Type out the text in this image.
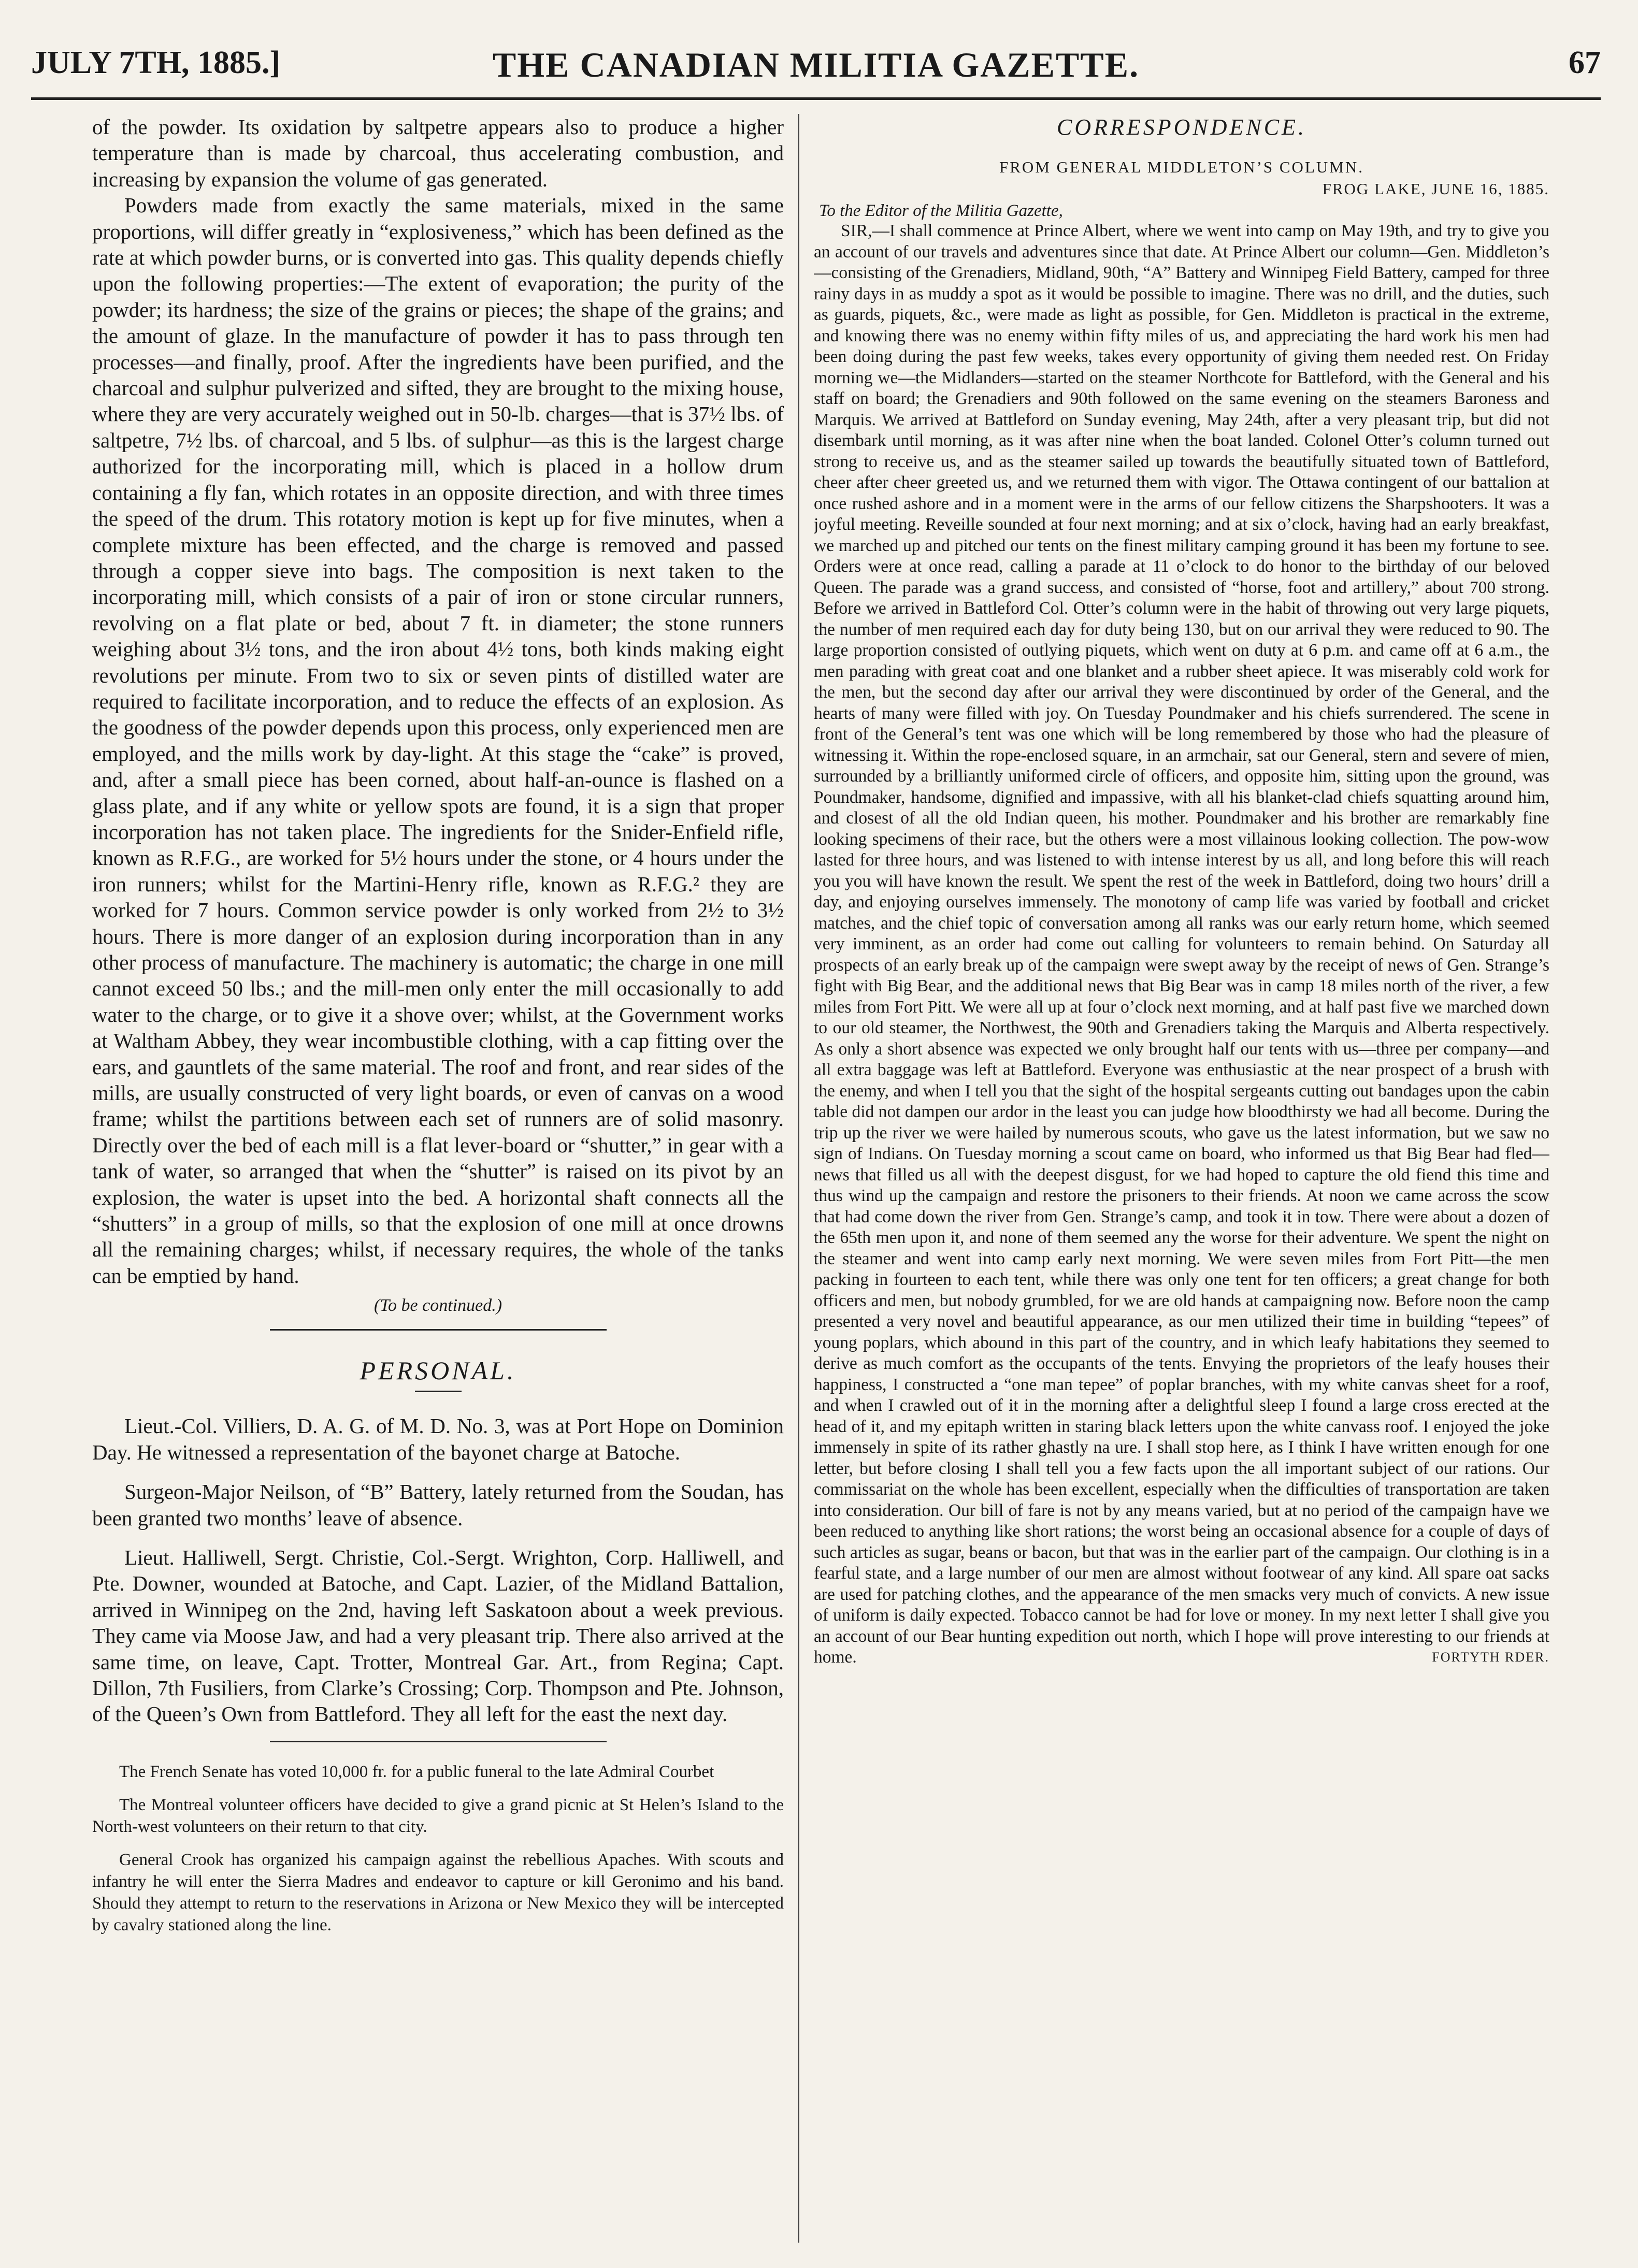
JULY 7TH, 1885.]	THE CANADIAN MILITIA GAZETTE.	67

of the powder. Its oxidation by saltpetre appears also to produce a higher temperature than is made by charcoal, thus accelerating combustion, and increasing by expansion the volume of gas generated.

Powders made from exactly the same materials, mixed in the same proportions, will differ greatly in “explosiveness,” which has been defined as the rate at which powder burns, or is converted into gas. This quality depends chiefly upon the following properties:—The extent of evaporation; the purity of the powder; its hardness; the size of the grains or pieces; the shape of the grains; and the amount of glaze. In the manufacture of powder it has to pass through ten processes—and finally, proof. After the ingredients have been purified, and the charcoal and sulphur pulverized and sifted, they are brought to the mixing house, where they are very accurately weighed out in 50-lb. charges—that is 37½ lbs. of saltpetre, 7½ lbs. of charcoal, and 5 lbs. of sulphur—as this is the largest charge authorized for the incorporating mill, which is placed in a hollow drum containing a fly fan, which rotates in an opposite direction, and with three times the speed of the drum. This rotatory motion is kept up for five minutes, when a complete mixture has been effected, and the charge is removed and passed through a copper sieve into bags. The composition is next taken to the incorporating mill, which consists of a pair of iron or stone circular runners, revolving on a flat plate or bed, about 7 ft. in diameter; the stone runners weighing about 3½ tons, and the iron about 4½ tons, both kinds making eight revolutions per minute. From two to six or seven pints of distilled water are required to facilitate incorporation, and to reduce the effects of an explosion. As the goodness of the powder depends upon this process, only experienced men are employed, and the mills work by day-light. At this stage the “cake” is proved, and, after a small piece has been corned, about half-an-ounce is flashed on a glass plate, and if any white or yellow spots are found, it is a sign that proper incorporation has not taken place. The ingredients for the Snider-Enfield rifle, known as R.F.G., are worked for 5½ hours under the stone, or 4 hours under the iron runners; whilst for the Martini-Henry rifle, known as R.F.G.² they are worked for 7 hours. Common service powder is only worked from 2½ to 3½ hours. There is more danger of an explosion during incorporation than in any other process of manufacture. The machinery is automatic; the charge in one mill cannot exceed 50 lbs.; and the mill-men only enter the mill occasionally to add water to the charge, or to give it a shove over; whilst, at the Government works at Waltham Abbey, they wear incombustible clothing, with a cap fitting over the ears, and gauntlets of the same material. The roof and front, and rear sides of the mills, are usually constructed of very light boards, or even of canvas on a wood frame; whilst the partitions between each set of runners are of solid masonry. Directly over the bed of each mill is a flat lever-board or “shutter,” in gear with a tank of water, so arranged that when the “shutter” is raised on its pivot by an explosion, the water is upset into the bed. A horizontal shaft connects all the “shutters” in a group of mills, so that the explosion of one mill at once drowns all the remaining charges; whilst, if necessary requires, the whole of the tanks can be emptied by hand.

(To be continued.)

PERSONAL.

Lieut.-Col. Villiers, D. A. G. of M. D. No. 3, was at Port Hope on Dominion Day. He witnessed a representation of the bayonet charge at Batoche.

Surgeon-Major Neilson, of “B” Battery, lately returned from the Soudan, has been granted two months’ leave of absence.

Lieut. Halliwell, Sergt. Christie, Col.-Sergt. Wrighton, Corp. Halliwell, and Pte. Downer, wounded at Batoche, and Capt. Lazier, of the Midland Battalion, arrived in Winnipeg on the 2nd, having left Saskatoon about a week previous. They came via Moose Jaw, and had a very pleasant trip. There also arrived at the same time, on leave, Capt. Trotter, Montreal Gar. Art., from Regina; Capt. Dillon, 7th Fusiliers, from Clarke’s Crossing; Corp. Thompson and Pte. Johnson, of the Queen’s Own from Battleford. They all left for the east the next day.

The French Senate has voted 10,000 fr. for a public funeral to the late Admiral Courbet

The Montreal volunteer officers have decided to give a grand picnic at St Helen’s Island to the North-west volunteers on their return to that city.

General Crook has organized his campaign against the rebellious Apaches. With scouts and infantry he will enter the Sierra Madres and endeavor to capture or kill Geronimo and his band. Should they attempt to return to the reservations in Arizona or New Mexico they will be intercepted by cavalry stationed along the line.

CORRESPONDENCE.
FROM GENERAL MIDDLETON’S COLUMN.
FROG LAKE, JUNE 16, 1885.
To the Editor of the Militia Gazette,

SIR,—I shall commence at Prince Albert, where we went into camp on May 19th, and try to give you an account of our travels and adventures since that date. At Prince Albert our column—Gen. Middleton’s—consisting of the Grenadiers, Midland, 90th, “A” Battery and Winnipeg Field Battery, camped for three rainy days in as muddy a spot as it would be possible to imagine. There was no drill, and the duties, such as guards, piquets, &c., were made as light as possible, for Gen. Middleton is practical in the extreme, and knowing there was no enemy within fifty miles of us, and appreciating the hard work his men had been doing during the past few weeks, takes every opportunity of giving them needed rest. On Friday morning we—the Midlanders—started on the steamer Northcote for Battleford, with the General and his staff on board; the Grenadiers and 90th followed on the same evening on the steamers Baroness and Marquis. We arrived at Battleford on Sunday evening, May 24th, after a very pleasant trip, but did not disembark until morning, as it was after nine when the boat landed. Colonel Otter’s column turned out strong to receive us, and as the steamer sailed up towards the beautifully situated town of Battleford, cheer after cheer greeted us, and we returned them with vigor. The Ottawa contingent of our battalion at once rushed ashore and in a moment were in the arms of our fellow citizens the Sharpshooters. It was a joyful meeting. Reveille sounded at four next morning; and at six o’clock, having had an early breakfast, we marched up and pitched our tents on the finest military camping ground it has been my fortune to see. Orders were at once read, calling a parade at 11 o’clock to do honor to the birthday of our beloved Queen. The parade was a grand success, and consisted of “horse, foot and artillery,” about 700 strong. Before we arrived in Battleford Col. Otter’s column were in the habit of throwing out very large piquets, the number of men required each day for duty being 130, but on our arrival they were reduced to 90. The large proportion consisted of outlying piquets, which went on duty at 6 p.m. and came off at 6 a.m., the men parading with great coat and one blanket and a rubber sheet apiece. It was miserably cold work for the men, but the second day after our arrival they were discontinued by order of the General, and the hearts of many were filled with joy. On Tuesday Poundmaker and his chiefs surrendered. The scene in front of the General’s tent was one which will be long remembered by those who had the pleasure of witnessing it. Within the rope-enclosed square, in an armchair, sat our General, stern and severe of mien, surrounded by a brilliantly uniformed circle of officers, and opposite him, sitting upon the ground, was Poundmaker, handsome, dignified and impassive, with all his blanket-clad chiefs squatting around him, and closest of all the old Indian queen, his mother. Poundmaker and his brother are remarkably fine looking specimens of their race, but the others were a most villainous looking collection. The pow-wow lasted for three hours, and was listened to with intense interest by us all, and long before this will reach you you will have known the result. We spent the rest of the week in Battleford, doing two hours’ drill a day, and enjoying ourselves immensely. The monotony of camp life was varied by football and cricket matches, and the chief topic of conversation among all ranks was our early return home, which seemed very imminent, as an order had come out calling for volunteers to remain behind. On Saturday all prospects of an early break up of the campaign were swept away by the receipt of news of Gen. Strange’s fight with Big Bear, and the additional news that Big Bear was in camp 18 miles north of the river, a few miles from Fort Pitt. We were all up at four o’clock next morning, and at half past five we marched down to our old steamer, the Northwest, the 90th and Grenadiers taking the Marquis and Alberta respectively. As only a short absence was expected we only brought half our tents with us—three per company—and all extra baggage was left at Battleford. Everyone was enthusiastic at the near prospect of a brush with the enemy, and when I tell you that the sight of the hospital sergeants cutting out bandages upon the cabin table did not dampen our ardor in the least you can judge how bloodthirsty we had all become. During the trip up the river we were hailed by numerous scouts, who gave us the latest information, but we saw no sign of Indians. On Tuesday morning a scout came on board, who informed us that Big Bear had fled—news that filled us all with the deepest disgust, for we had hoped to capture the old fiend this time and thus wind up the campaign and restore the prisoners to their friends. At noon we came across the scow that had come down the river from Gen. Strange’s camp, and took it in tow. There were about a dozen of the 65th men upon it, and none of them seemed any the worse for their adventure. We spent the night on the steamer and went into camp early next morning. We were seven miles from Fort Pitt—the men packing in fourteen to each tent, while there was only one tent for ten officers; a great change for both officers and men, but nobody grumbled, for we are old hands at campaigning now. Before noon the camp presented a very novel and beautiful appearance, as our men utilized their time in building “tepees” of young poplars, which abound in this part of the country, and in which leafy habitations they seemed to derive as much comfort as the occupants of the tents. Envying the proprietors of the leafy houses their happiness, I constructed a “one man tepee” of poplar branches, with my white canvas sheet for a roof, and when I crawled out of it in the morning after a delightful sleep I found a large cross erected at the head of it, and my epitaph written in staring black letters upon the white canvass roof. I enjoyed the joke immensely in spite of its rather ghastly na ure. I shall stop here, as I think I have written enough for one letter, but before closing I shall tell you a few facts upon the all important subject of our rations. Our commissariat on the whole has been excellent, especially when the difficulties of transportation are taken into consideration. Our bill of fare is not by any means varied, but at no period of the campaign have we been reduced to anything like short rations; the worst being an occasional absence for a couple of days of such articles as sugar, beans or bacon, but that was in the earlier part of the campaign. Our clothing is in a fearful state, and a large number of our men are almost without footwear of any kind. All spare oat sacks are used for patching clothes, and the appearance of the men smacks very much of convicts. A new issue of uniform is daily expected. Tobacco cannot be had for love or money. In my next letter I shall give you an account of our Bear hunting expedition out north, which I hope will prove interesting to our friends at home.	FORTYTH RDER.
